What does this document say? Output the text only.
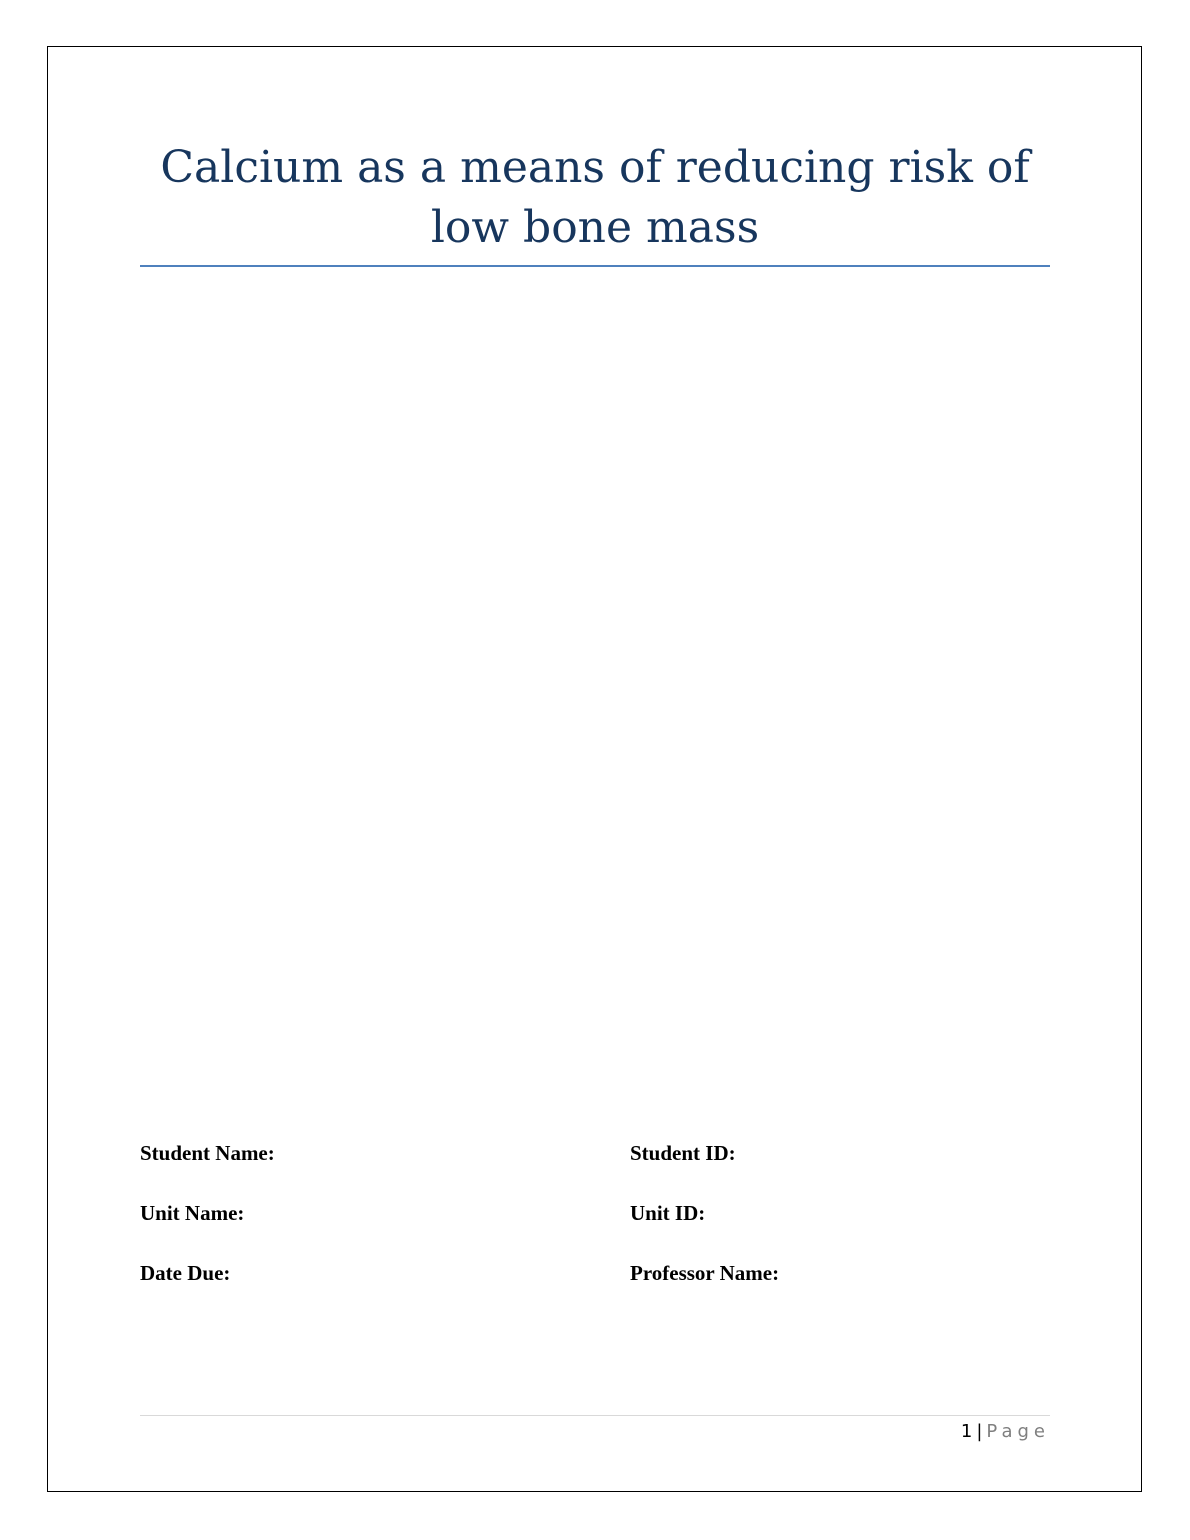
Calcium as a means of reducing risk of low bone mass
Student Name:	Student ID:
Unit Name:	Unit ID:
Date Due:	Professor Name:
1 | Page
